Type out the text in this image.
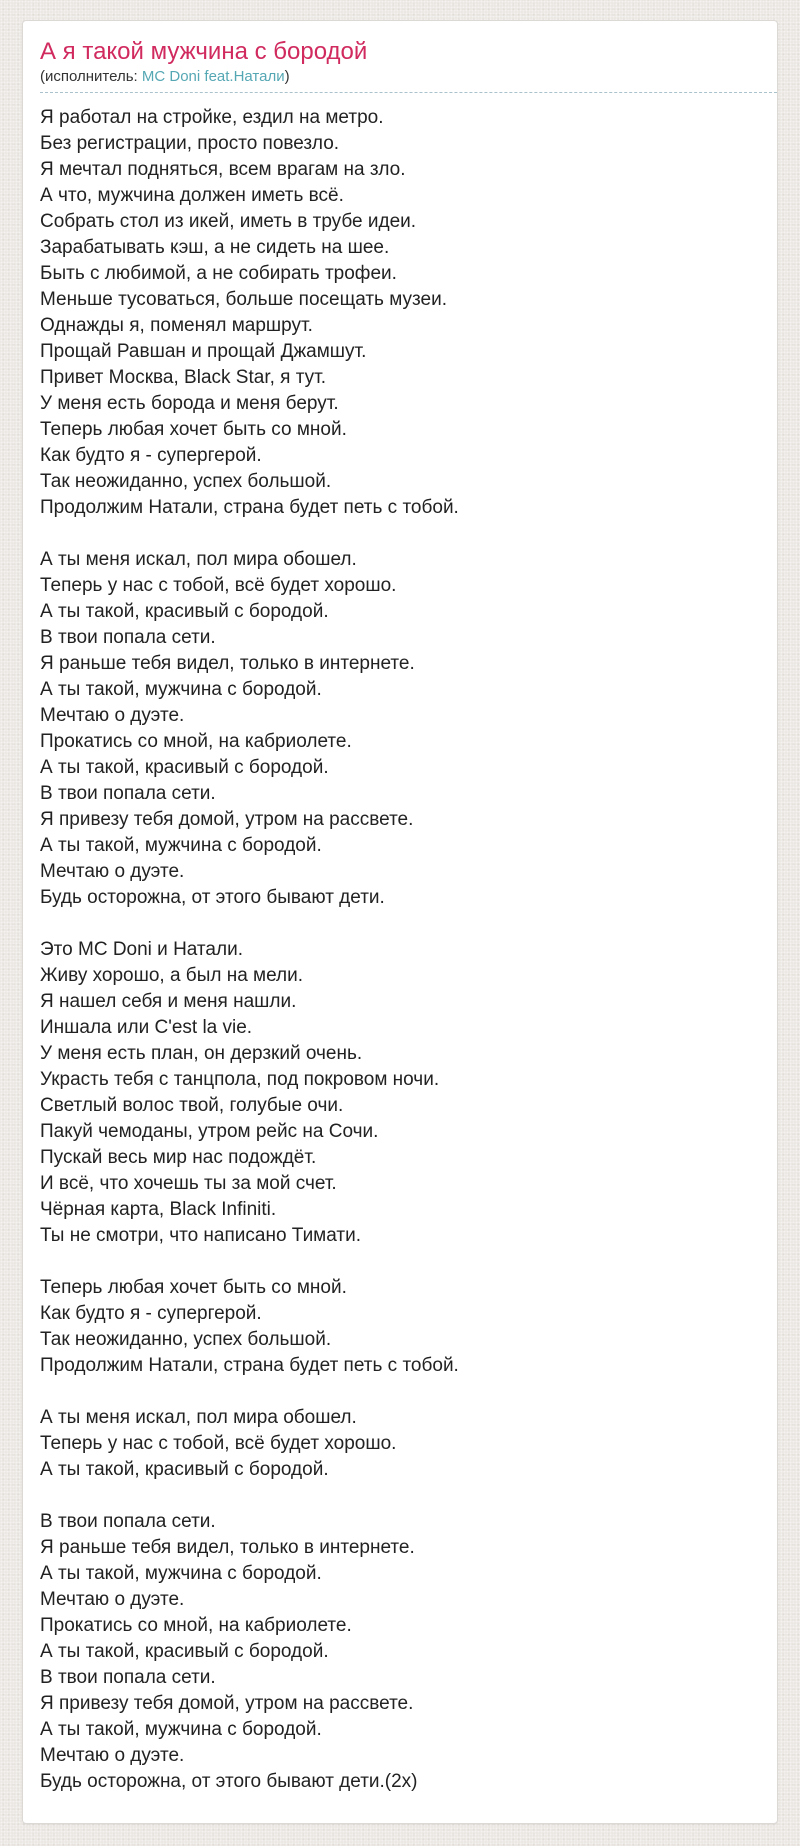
А я такой мужчина с бородой
(исполнитель: MC Doni feat.Натали)
Я работал на стройке, ездил на метро.
Без регистрации, просто повезло.
Я мечтал подняться, всем врагам на зло.
А что, мужчина должен иметь всё.
Собрать стол из икей, иметь в трубе идеи.
Зарабатывать кэш, а не сидеть на шее.
Быть с любимой, а не собирать трофеи.
Меньше тусоваться, больше посещать музеи.
Однажды я, поменял маршрут.
Прощай Равшан и прощай Джамшут.
Привет Москва, Black Star, я тут.
У меня есть борода и меня берут.
Теперь любая хочет быть со мной.
Как будто я - супергерой.
Так неожиданно, успех большой.
Продолжим Натали, страна будет петь с тобой.
А ты меня искал, пол мира обошел.
Теперь у нас с тобой, всё будет хорошо.
А ты такой, красивый с бородой.
В твои попала сети.
Я раньше тебя видел, только в интернете.
А ты такой, мужчина с бородой.
Мечтаю о дуэте.
Прокатись со мной, на кабриолете.
А ты такой, красивый с бородой.
В твои попала сети.
Я привезу тебя домой, утром на рассвете.
А ты такой, мужчина с бородой.
Мечтаю о дуэте.
Будь осторожна, от этого бывают дети.
Это MC Doni и Натали.
Живу хорошо, а был на мели.
Я нашел себя и меня нашли.
Иншала или C'est la vie.
У меня есть план, он дерзкий очень.
Украсть тебя с танцпола, под покровом ночи.
Светлый волос твой, голубые очи.
Пакуй чемоданы, утром рейс на Сочи.
Пускай весь мир нас подождёт.
И всё, что хочешь ты за мой счет.
Чёрная карта, Black Infiniti.
Ты не смотри, что написано Тимати.
Теперь любая хочет быть со мной.
Как будто я - супергерой.
Так неожиданно, успех большой.
Продолжим Натали, страна будет петь с тобой.
А ты меня искал, пол мира обошел.
Теперь у нас с тобой, всё будет хорошо.
А ты такой, красивый с бородой.
В твои попала сети.
Я раньше тебя видел, только в интернете.
А ты такой, мужчина с бородой.
Мечтаю о дуэте.
Прокатись со мной, на кабриолете.
А ты такой, красивый с бородой.
В твои попала сети.
Я привезу тебя домой, утром на рассвете.
А ты такой, мужчина с бородой.
Мечтаю о дуэте.
Будь осторожна, от этого бывают дети.(2х)
